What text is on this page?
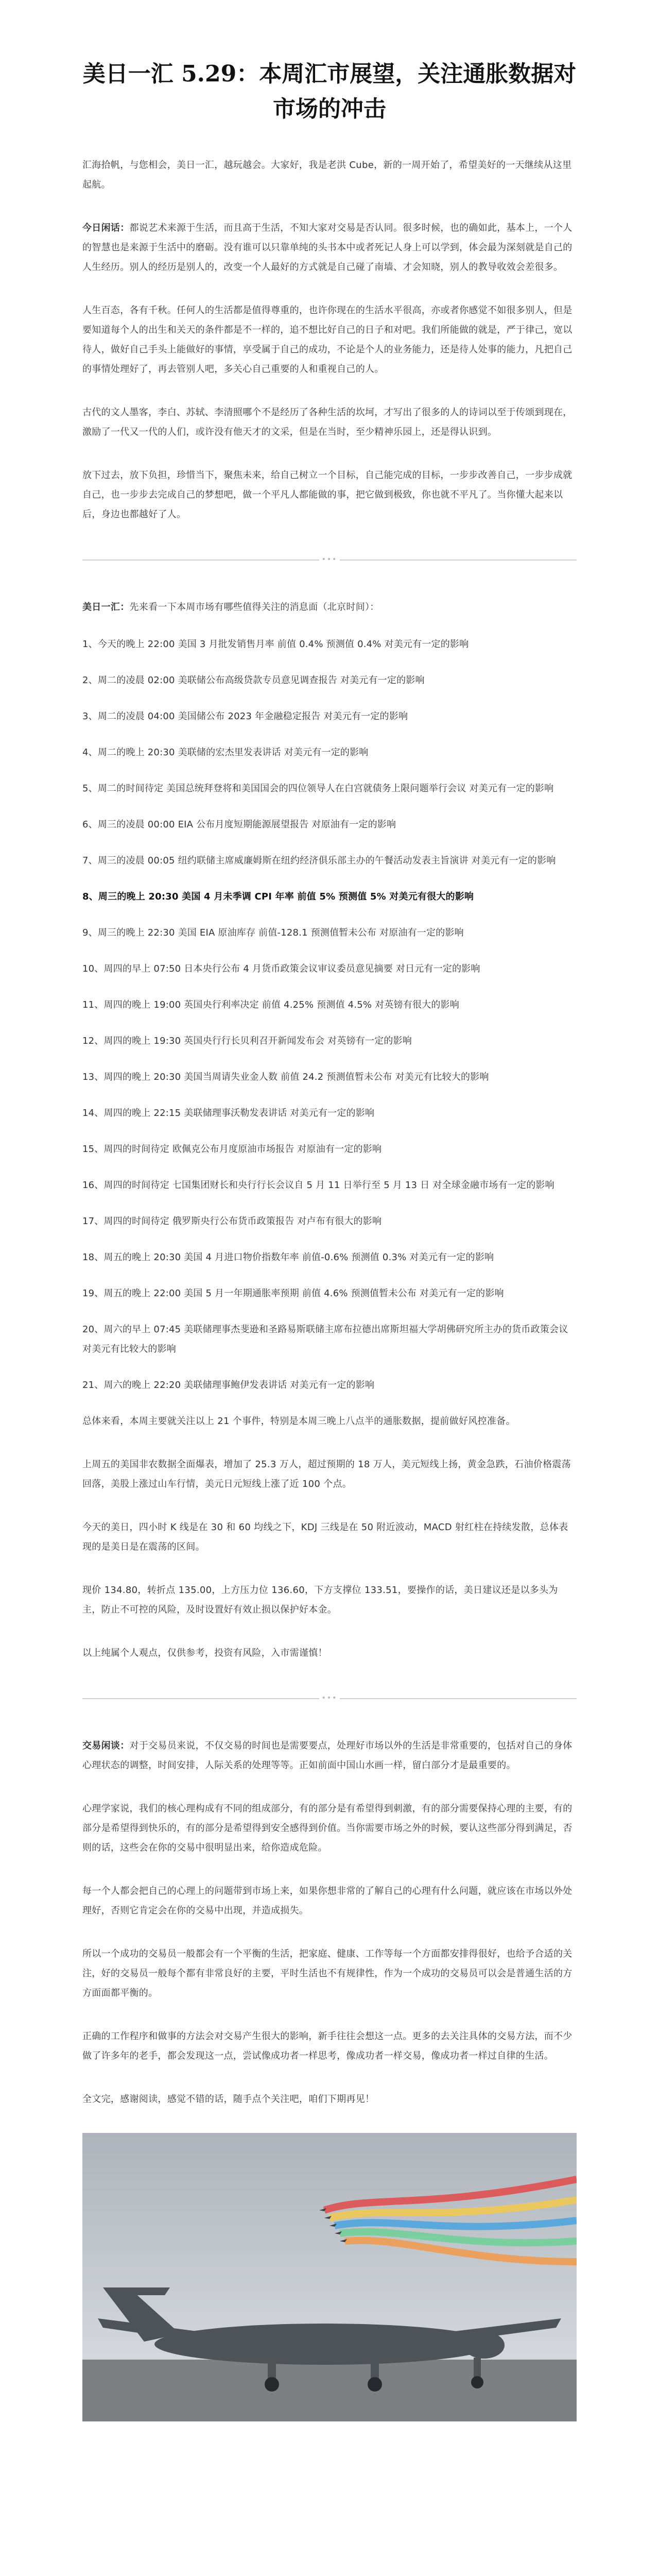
美日一汇 5.29：本周汇市展望，关注通胀数据对市场的冲击

汇海拾帆，与您相会，美日一汇，越玩越会。大家好，我是老洪 Cube，新的一周开始了，希望美好的一天继续从这里起航。

今日闲话：都说艺术来源于生活，而且高于生活，不知大家对交易是否认同。很多时候，也的确如此，基本上，一个人的智慧也是来源于生活中的磨砺。没有谁可以只靠单纯的头书本中或者死记人身上可以学到，体会最为深刻就是自己的人生经历。别人的经历是别人的，改变一个人最好的方式就是自己碰了南墙、才会知晓，别人的教导收效会差很多。

人生百态，各有千秋。任何人的生活都是值得尊重的，也许你现在的生活水平很高，亦或者你感觉不如很多别人，但是要知道每个人的出生和关天的条件都是不一样的，追不想比好自己的日子和对吧。我们所能做的就是，严于律己，宽以待人，做好自己手头上能做好的事情，享受属于自己的成功，不论是个人的业务能力，还是待人处事的能力，凡把自己的事情处理好了，再去管别人吧，多关心自己重要的人和重视自己的人。

古代的文人墨客，李白、苏轼、李清照哪个不是经历了各种生活的坎坷，才写出了很多的人的诗词以至于传颂到现在，激励了一代又一代的人们，或许没有他天才的文采，但是在当时，至少精神乐园上，还是得认识到。

放下过去，放下负担，珍惜当下，聚焦未来，给自己树立一个目标，自己能完成的目标，一步步改善自己，一步步成就自己，也一步步去完成自己的梦想吧，做一个平凡人都能做的事，把它做到极致，你也就不平凡了。当你懂大起来以后，身边也都越好了人。

•••

美日一汇：先来看一下本周市场有哪些值得关注的消息面（北京时间）：

1、今天的晚上 22:00 美国 3 月批发销售月率 前值 0.4% 预测值 0.4% 对美元有一定的影响
2、周二的凌晨 02:00 美联储公布高级贷款专员意见调查报告 对美元有一定的影响
3、周二的凌晨 04:00 美国储公布 2023 年金融稳定报告 对美元有一定的影响
4、周二的晚上 20:30 美联储的宏杰里发表讲话 对美元有一定的影响
5、周二的时间待定 美国总统拜登将和美国国会的四位领导人在白宫就债务上限问题举行会议 对美元有一定的影响
6、周三的凌晨 00:00 EIA 公布月度短期能源展望报告 对原油有一定的影响
7、周三的凌晨 00:05 纽约联储主席威廉姆斯在纽约经济俱乐部主办的午餐活动发表主旨演讲 对美元有一定的影响
8、周三的晚上 20:30 美国 4 月未季调 CPI 年率 前值 5% 预测值 5% 对美元有很大的影响
9、周三的晚上 22:30 美国 EIA 原油库存 前值-128.1 预测值暂未公布 对原油有一定的影响
10、周四的早上 07:50 日本央行公布 4 月货币政策会议审议委员意见摘要 对日元有一定的影响
11、周四的晚上 19:00 英国央行利率决定 前值 4.25% 预测值 4.5% 对英镑有很大的影响
12、周四的晚上 19:30 英国央行行长贝利召开新闻发布会 对英镑有一定的影响
13、周四的晚上 20:30 美国当周请失业金人数 前值 24.2 预测值暂未公布 对美元有比较大的影响
14、周四的晚上 22:15 美联储理事沃勒发表讲话 对美元有一定的影响
15、周四的时间待定 欧佩克公布月度原油市场报告 对原油有一定的影响
16、周四的时间待定 七国集团财长和央行行长会议自 5 月 11 日举行至 5 月 13 日 对全球金融市场有一定的影响
17、周四的时间待定 俄罗斯央行公布货币政策报告 对卢布有很大的影响
18、周五的晚上 20:30 美国 4 月进口物价指数年率 前值-0.6% 预测值 0.3% 对美元有一定的影响
19、周五的晚上 22:00 美国 5 月一年期通胀率预期 前值 4.6% 预测值暂未公布 对美元有一定的影响
20、周六的早上 07:45 美联储理事杰斐逊和圣路易斯联储主席布拉德出席斯坦福大学胡佛研究所主办的货币政策会议 对美元有比较大的影响
21、周六的晚上 22:20 美联储理事鲍伊发表讲话 对美元有一定的影响

总体来看，本周主要就关注以上 21 个事件，特别是本周三晚上八点半的通胀数据，提前做好风控准备。

上周五的美国非农数据全面爆表，增加了 25.3 万人，超过预期的 18 万人，美元短线上扬，黄金急跌，石油价格震荡回落，美股上涨过山车行情，美元日元短线上涨了近 100 个点。

今天的美日，四小时 K 线是在 30 和 60 均线之下，KDJ 三线是在 50 附近波动，MACD 射红柱在持续发散，总体表现的是美日是在震荡的区间。

现价 134.80，转折点 135.00，上方压力位 136.60，下方支撑位 133.51，要操作的话，美日建议还是以多头为主，防止不可控的风险，及时设置好有效止损以保护好本金。

以上纯属个人观点，仅供参考，投资有风险，入市需谨慎！

•••

交易闲谈：对于交易员来说，不仅交易的时间也是需要要点，处理好市场以外的生活是非常重要的，包括对自己的身体心理状态的调整，时间安排，人际关系的处理等等。正如前面中国山水画一样，留白部分才是最重要的。

心理学家说，我们的核心理构成有不同的组成部分，有的部分是有希望得到刺激，有的部分需要保持心理的主要，有的部分是希望得到快乐的，有的部分是希望得到安全感得到价值。当你需要市场之外的时候，要认这些部分得到满足，否则的话，这些会在你的交易中很明显出来，给你造成危险。

每一个人都会把自己的心理上的问题带到市场上来，如果你想非常的了解自己的心理有什么问题，就应该在市场以外处理好，否则它肯定会在你的交易中出现，并造成损失。

所以一个成功的交易员一般都会有一个平衡的生活，把家庭、健康、工作等每一个方面都安排得很好，也给予合适的关注，好的交易员一般每个都有非常良好的主要，平时生活也不有规律性，作为一个成功的交易员可以会是普通生活的方方面面都平衡的。

正确的工作程序和做事的方法会对交易产生很大的影响，新手往往会想这一点。更多的去关注具体的交易方法，而不少做了许多年的老手，都会发现这一点，尝试像成功者一样思考，像成功者一样交易，像成功者一样过自律的生活。

全文完，感谢阅读，感觉不错的话，随手点个关注吧，咱们下期再见！
